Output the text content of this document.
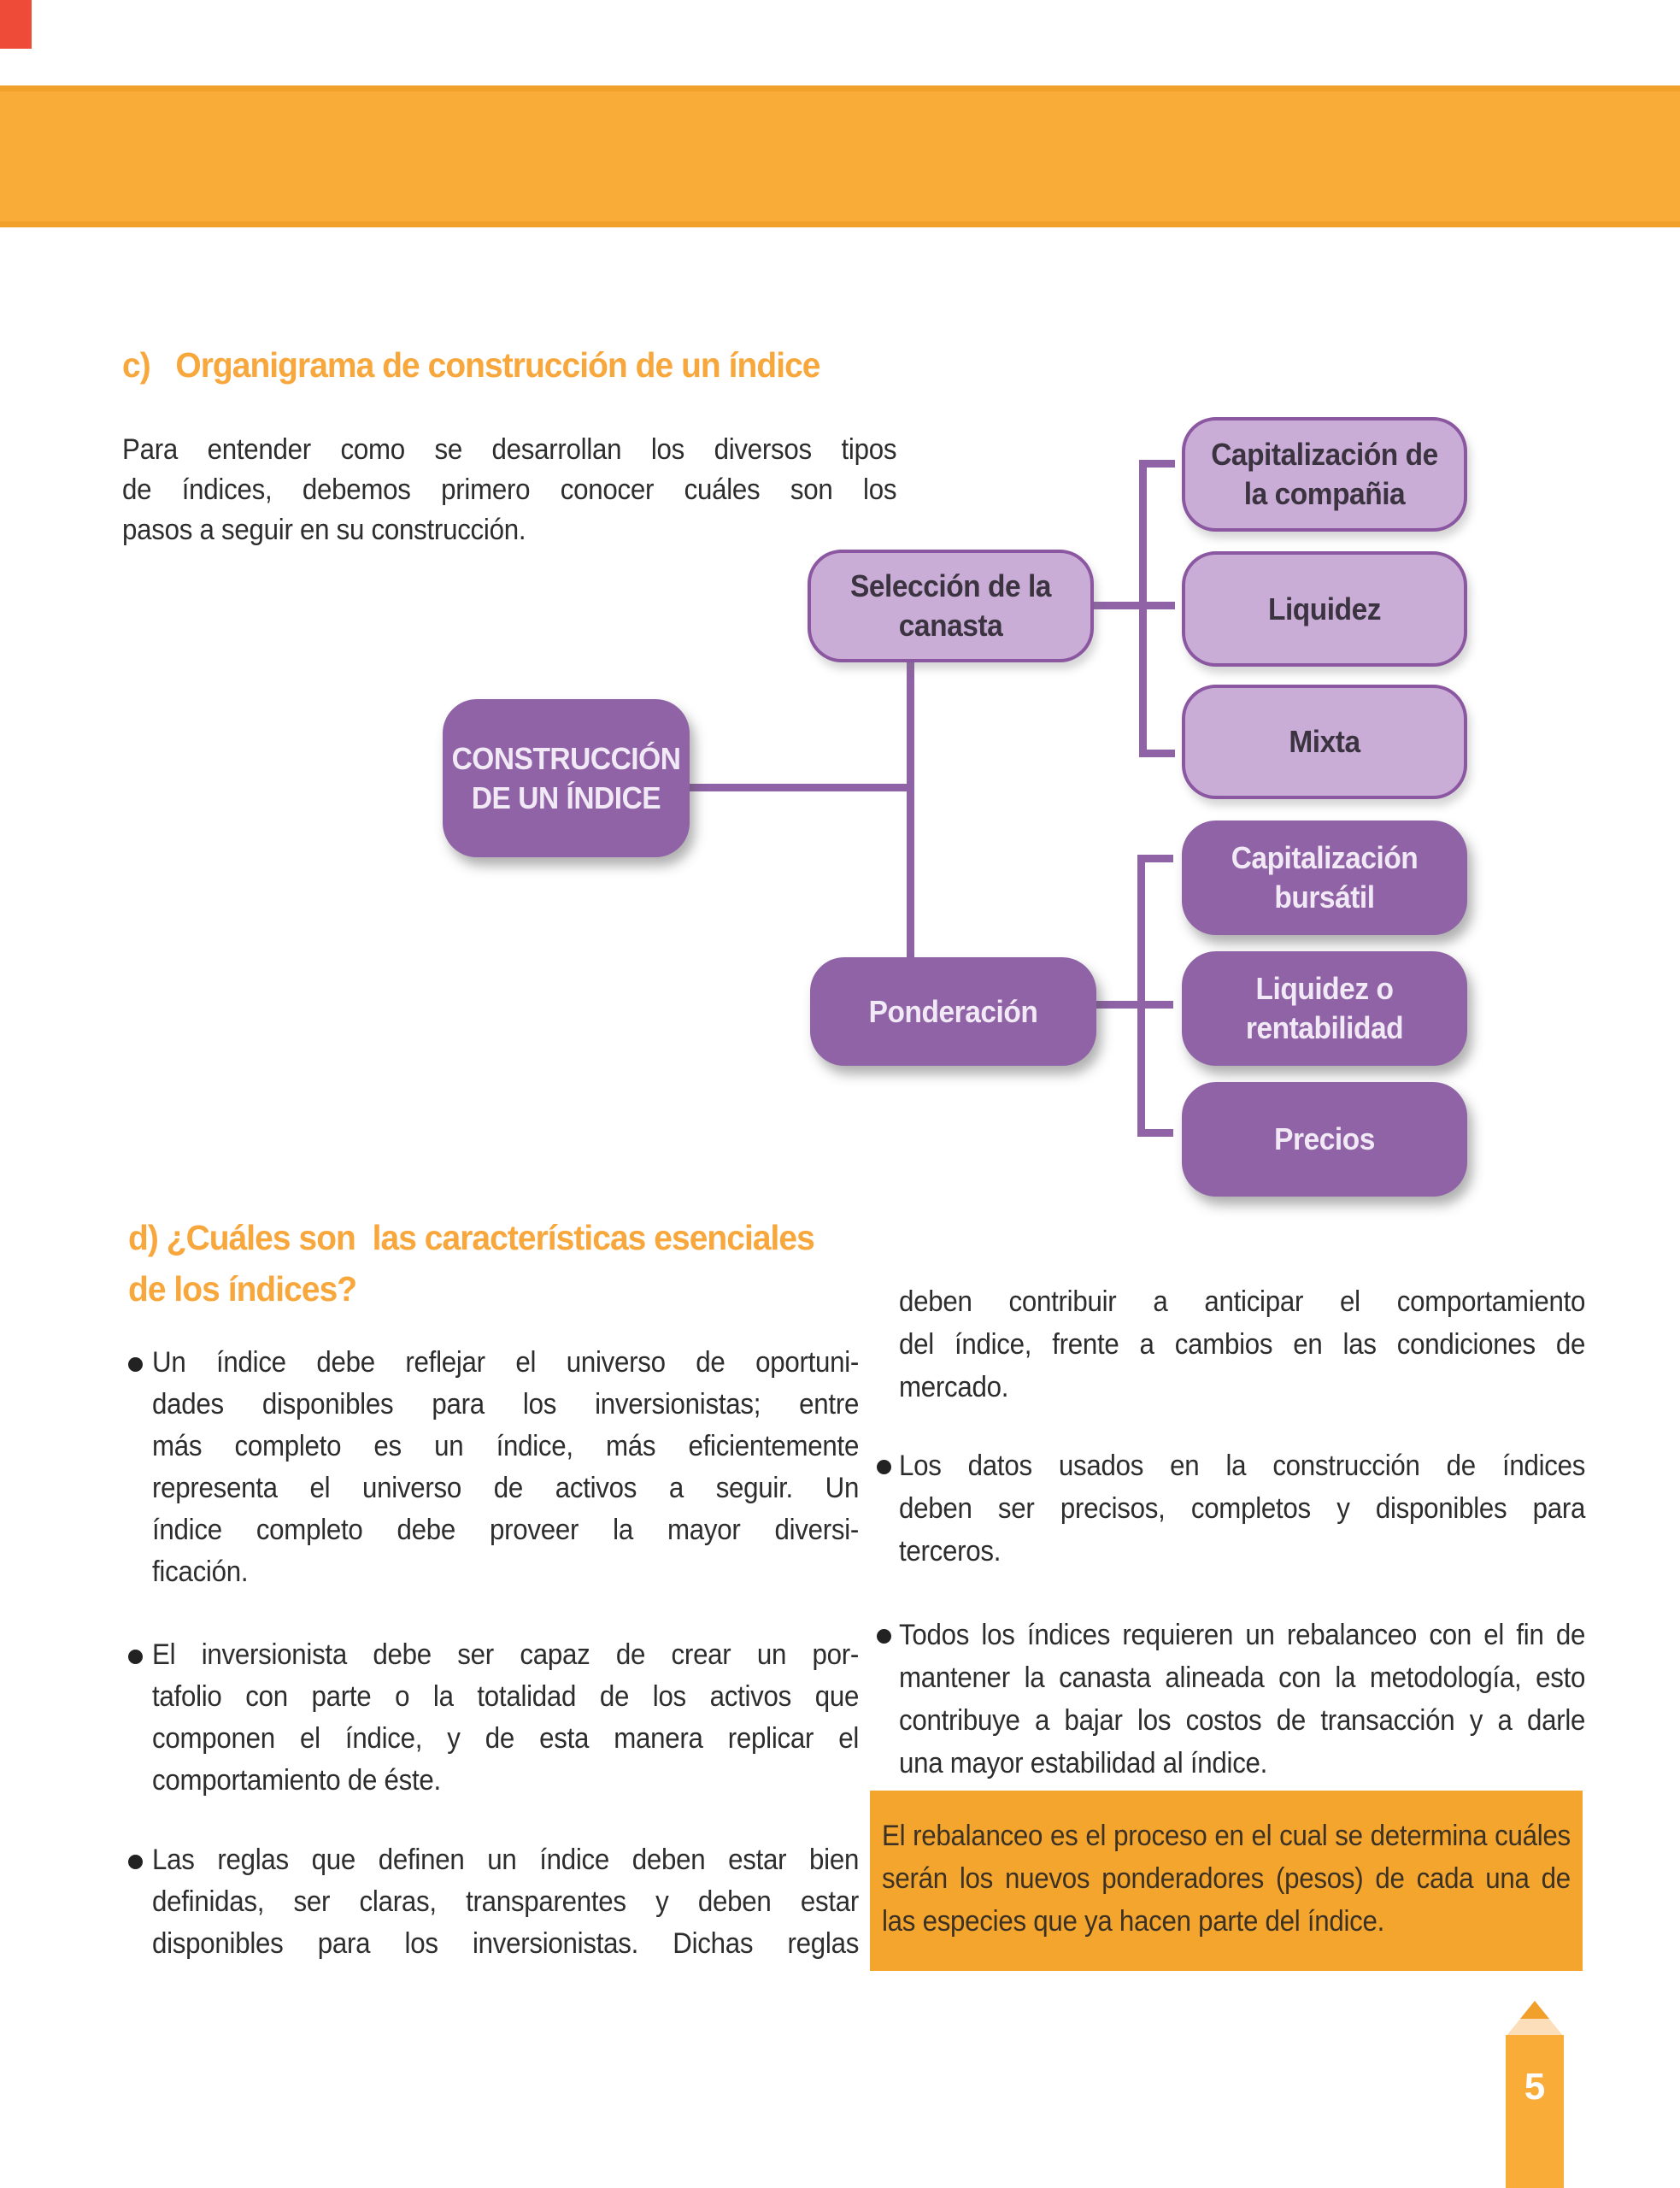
c)   Organigrama de construcción de un índice
Para entender como se desarrollan los diversos tipos
de índices, debemos primero conocer cuáles son los
pasos a seguir en su construcción.
CONSTRUCCIÓN
DE UN ÍNDICE
Selección de la
canasta
Capitalización de
la compañia
Liquidez
Mixta
Ponderación
Capitalización
bursátil
Liquidez o
rentabilidad
Precios
d) ¿Cuáles son  las características esenciales
de los índices?
Un índice debe reflejar el universo de oportuni-
dades disponibles para los inversionistas; entre
más completo es un índice, más eficientemente
representa el universo de activos a seguir. Un
índice completo debe proveer la mayor diversi-
ficación.
El inversionista debe ser capaz de crear un por-
tafolio con parte o la totalidad de los activos que
componen el índice, y de esta manera replicar el
comportamiento de éste.
Las reglas que definen un índice deben estar bien
definidas, ser claras, transparentes y deben estar
disponibles para los inversionistas. Dichas reglas
deben contribuir a anticipar el comportamiento
del índice, frente a cambios en las condiciones de
mercado.
Los datos usados en la construcción de índices
deben ser precisos, completos y disponibles para
terceros.
Todos los índices requieren un rebalanceo con el fin de
mantener la canasta alineada con la metodología, esto
contribuye a bajar los costos de transacción y a darle
una mayor estabilidad al índice.
El rebalanceo es el proceso en el cual se determina cuáles
serán los nuevos ponderadores (pesos) de cada una de
las especies que ya hacen parte del índice.
5
